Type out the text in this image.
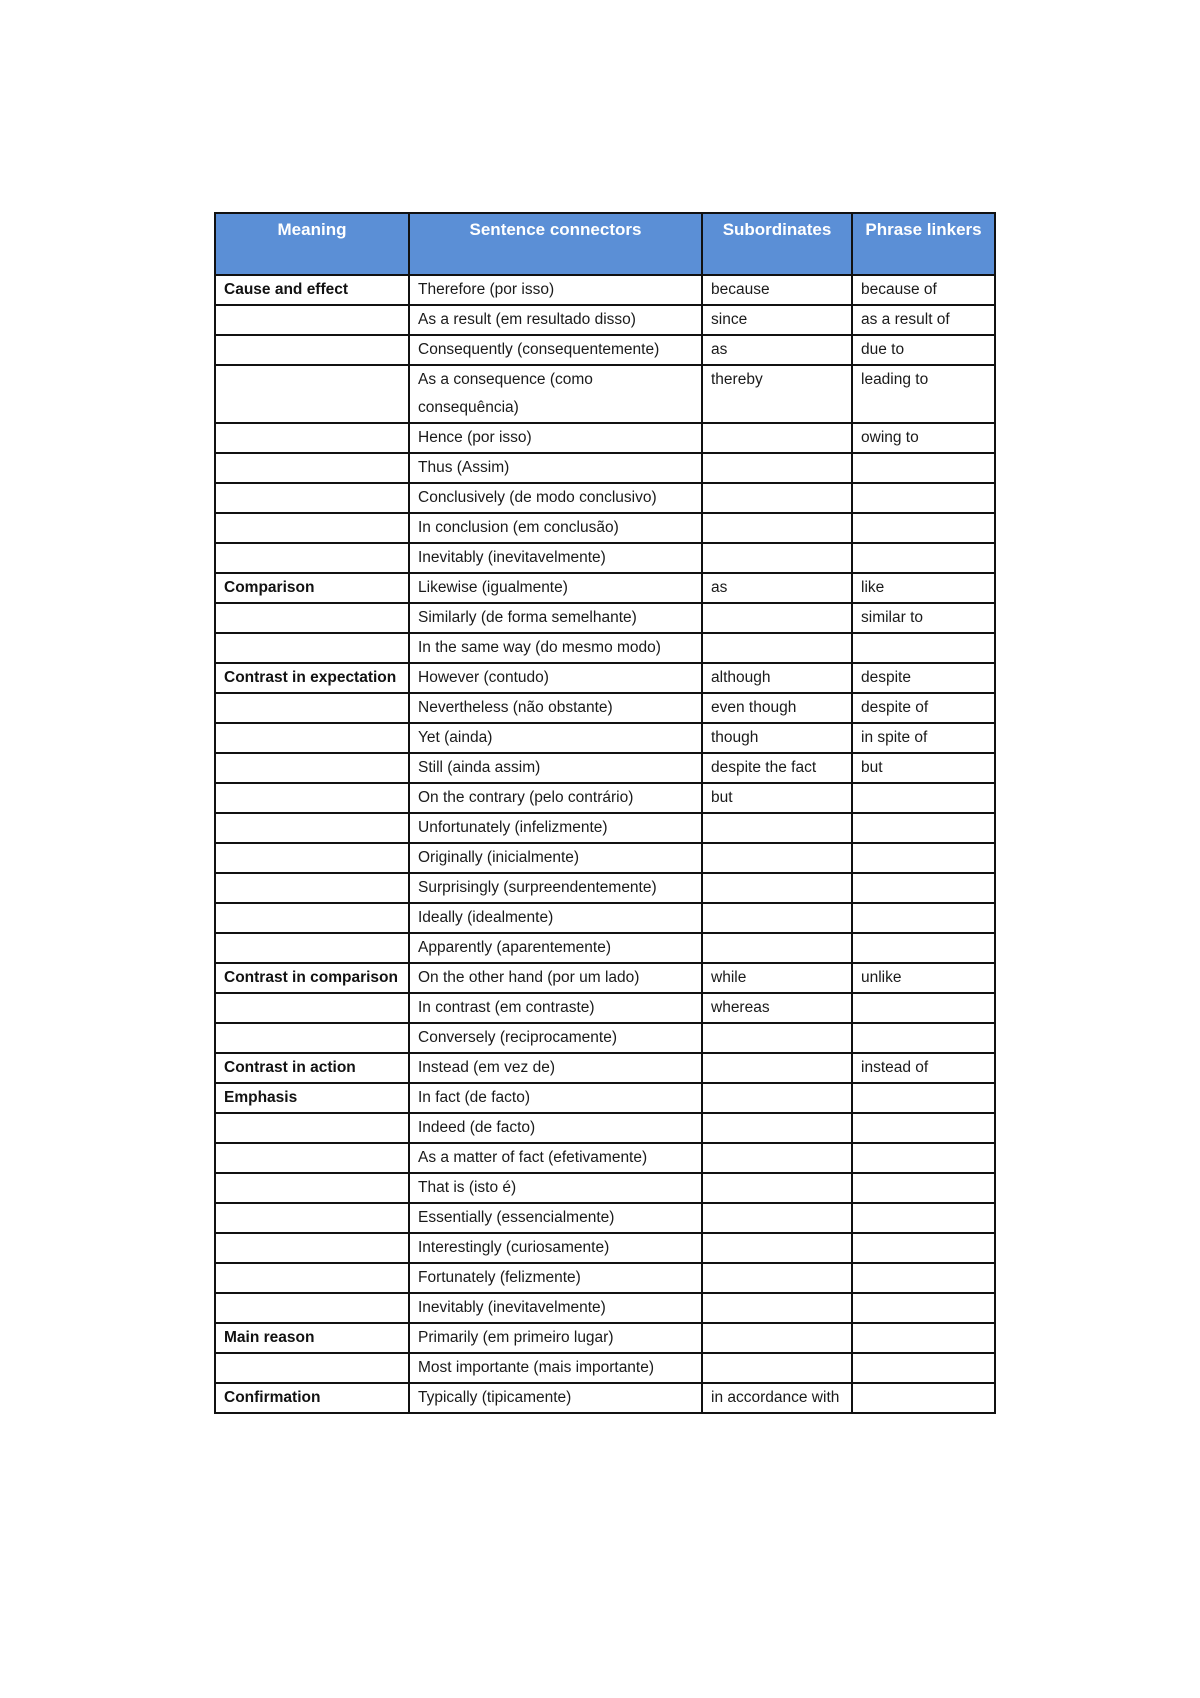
Meaning	Sentence connectors	Subordinates	Phrase linkers
Cause and effect	Therefore (por isso)	because	because of
	As a result (em resultado disso)	since	as a result of
	Consequently (consequentemente)	as	due to
	As a consequence (como consequência)	thereby	leading to
	Hence (por isso)		owing to
	Thus (Assim)		
	Conclusively (de modo conclusivo)		
	In conclusion (em conclusão)		
	Inevitably (inevitavelmente)		
Comparison	Likewise (igualmente)	as	like
	Similarly (de forma semelhante)		similar to
	In the same way (do mesmo modo)		
Contrast in expectation	However (contudo)	although	despite
	Nevertheless (não obstante)	even though	despite of
	Yet (ainda)	though	in spite of
	Still (ainda assim)	despite the fact	but
	On the contrary (pelo contrário)	but	
	Unfortunately (infelizmente)		
	Originally (inicialmente)		
	Surprisingly (surpreendentemente)		
	Ideally (idealmente)		
	Apparently (aparentemente)		
Contrast in comparison	On the other hand (por um lado)	while	unlike
	In contrast (em contraste)	whereas	
	Conversely (reciprocamente)		
Contrast in action	Instead (em vez de)		instead of
Emphasis	In fact (de facto)		
	Indeed (de facto)		
	As a matter of fact (efetivamente)		
	That is (isto é)		
	Essentially (essencialmente)		
	Interestingly (curiosamente)		
	Fortunately (felizmente)		
	Inevitably (inevitavelmente)		
Main reason	Primarily (em primeiro lugar)		
	Most importante (mais importante)		
Confirmation	Typically (tipicamente)	in accordance with	
